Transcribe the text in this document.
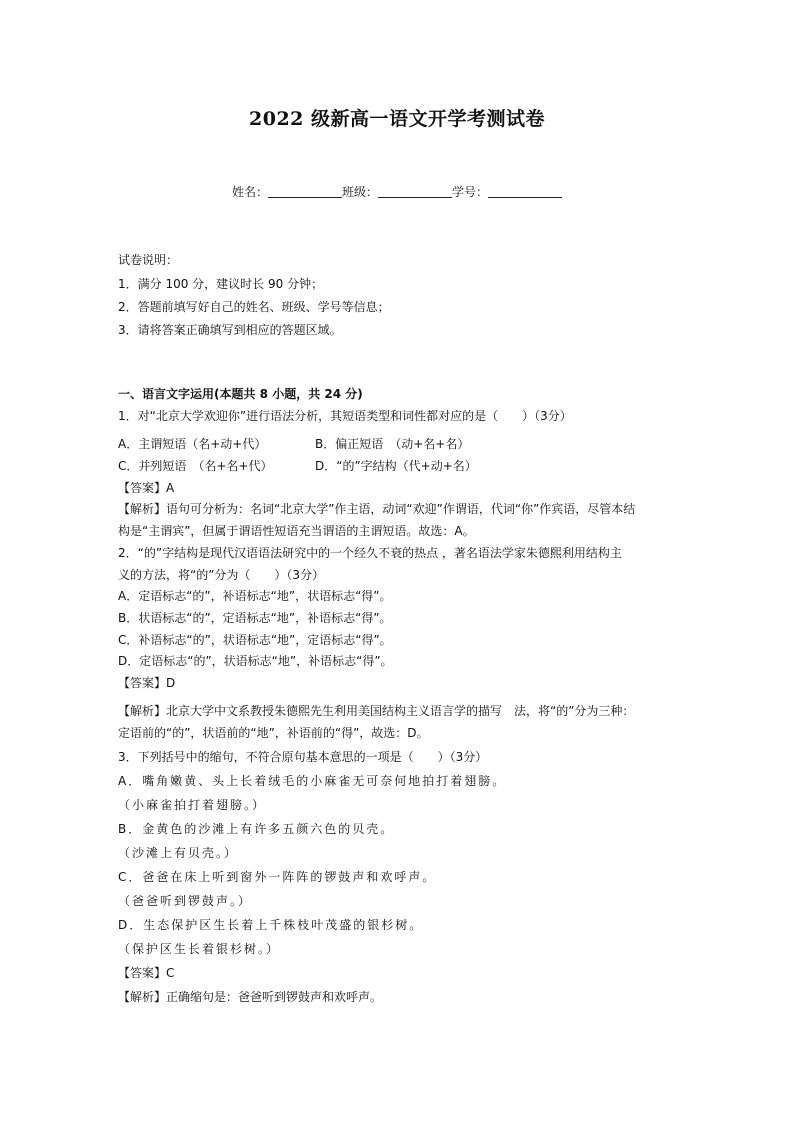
2022 级新高一语文开学考测试卷
姓名：	班级：	学号：
试卷说明：
1．满分 100 分，建议时长 90 分钟；
2．答题前填写好自己的姓名、班级、学号等信息；
3．请将答案正确填写到相应的答题区域。
一、语言文字运用(本题共 8 小题，共 24 分)
1．对“北京大学欢迎你”进行语法分析，其短语类型和词性都对应的是（　　）（3分）
A．主谓短语（名+动+代）	B．偏正短语　（动+名+名）
C．并列短语　（名+名+代）	D．“的”字结构（代+动+名）
【答案】A
【解析】语句可分析为：名词“北京大学”作主语，动词“欢迎”作谓语，代词“你”作宾语，尽管本结
构是“主谓宾”，但属于谓语性短语充当谓语的主谓短语。故选：A。
2．“的”字结构是现代汉语语法研究中的一个经久不衰的热点 ，著名语法学家朱德熙利用结构主
义的方法，将“的”分为（　　）（3分）
A．定语标志“的”，补语标志“地”，状语标志“得”。
B．状语标志“的”，定语标志“地”，补语标志“得”。
C．补语标志“的”，状语标志“地”，定语标志“得”。
D．定语标志“的”，状语标志“地”，补语标志“得”。
【答案】D
【解析】北京大学中文系教授朱德熙先生利用美国结构主义语言学的描写　法，将“的”分为三种：
定语前的“的”，状语前的“地”，补语前的“得”，故选：D。
3．下列括号中的缩句，不符合原句基本意思的一项是（　　）（3分）
A．嘴角嫩黄、头上长着绒毛的小麻雀无可奈何地拍打着翅膀。
（小麻雀拍打着翅膀。）
B．金黄色的沙滩上有许多五颜六色的贝壳。
（沙滩上有贝壳。）
C．爸爸在床上听到窗外一阵阵的锣鼓声和欢呼声。
（爸爸听到锣鼓声。）
D．生态保护区生长着上千株枝叶茂盛的银杉树。
（保护区生长着银杉树。）
【答案】C
【解析】正确缩句是：爸爸听到锣鼓声和欢呼声。
